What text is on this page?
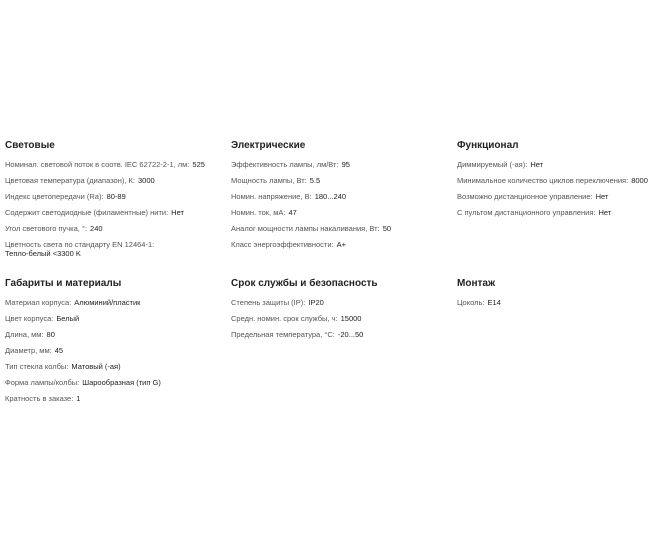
Световые
Номинал. световой поток в соотв. IEC 62722-2-1, лм: 525
Цветовая температура (диапазон), К: 3000
Индекс цветопередачи (Ra): 80-89
Содержит светодиодные (филаментные) нити: Нет
Угол светового пучка, °: 240
Цветность света по стандарту EN 12464-1:
Тепло-белый <3300 K
Электрические
Эффективность лампы, лм/Вт: 95
Мощность лампы, Вт: 5.5
Номин. напряжение, В: 180...240
Номин. ток, мА: 47
Аналог мощности лампы накаливания, Вт: 50
Класс энергоэффективности: A+
Функционал
Диммируемый (-ая): Нет
Минимальное количество циклов переключения: 8000
Возможно дистанционное управление: Нет
С пультом дистанционного управления: Нет
Габариты и материалы
Материал корпуса: Алюминий/пластик
Цвет корпуса: Белый
Длина, мм: 80
Диаметр, мм: 45
Тип стекла колбы: Матовый (-ая)
Форма лампы/колбы: Шарообразная (тип G)
Кратность в заказе: 1
Срок службы и безопасность
Степень защиты (IP): IP20
Средн. номин. срок службы, ч: 15000
Предельная температура, °С: -20...50
Монтаж
Цоколь: E14
